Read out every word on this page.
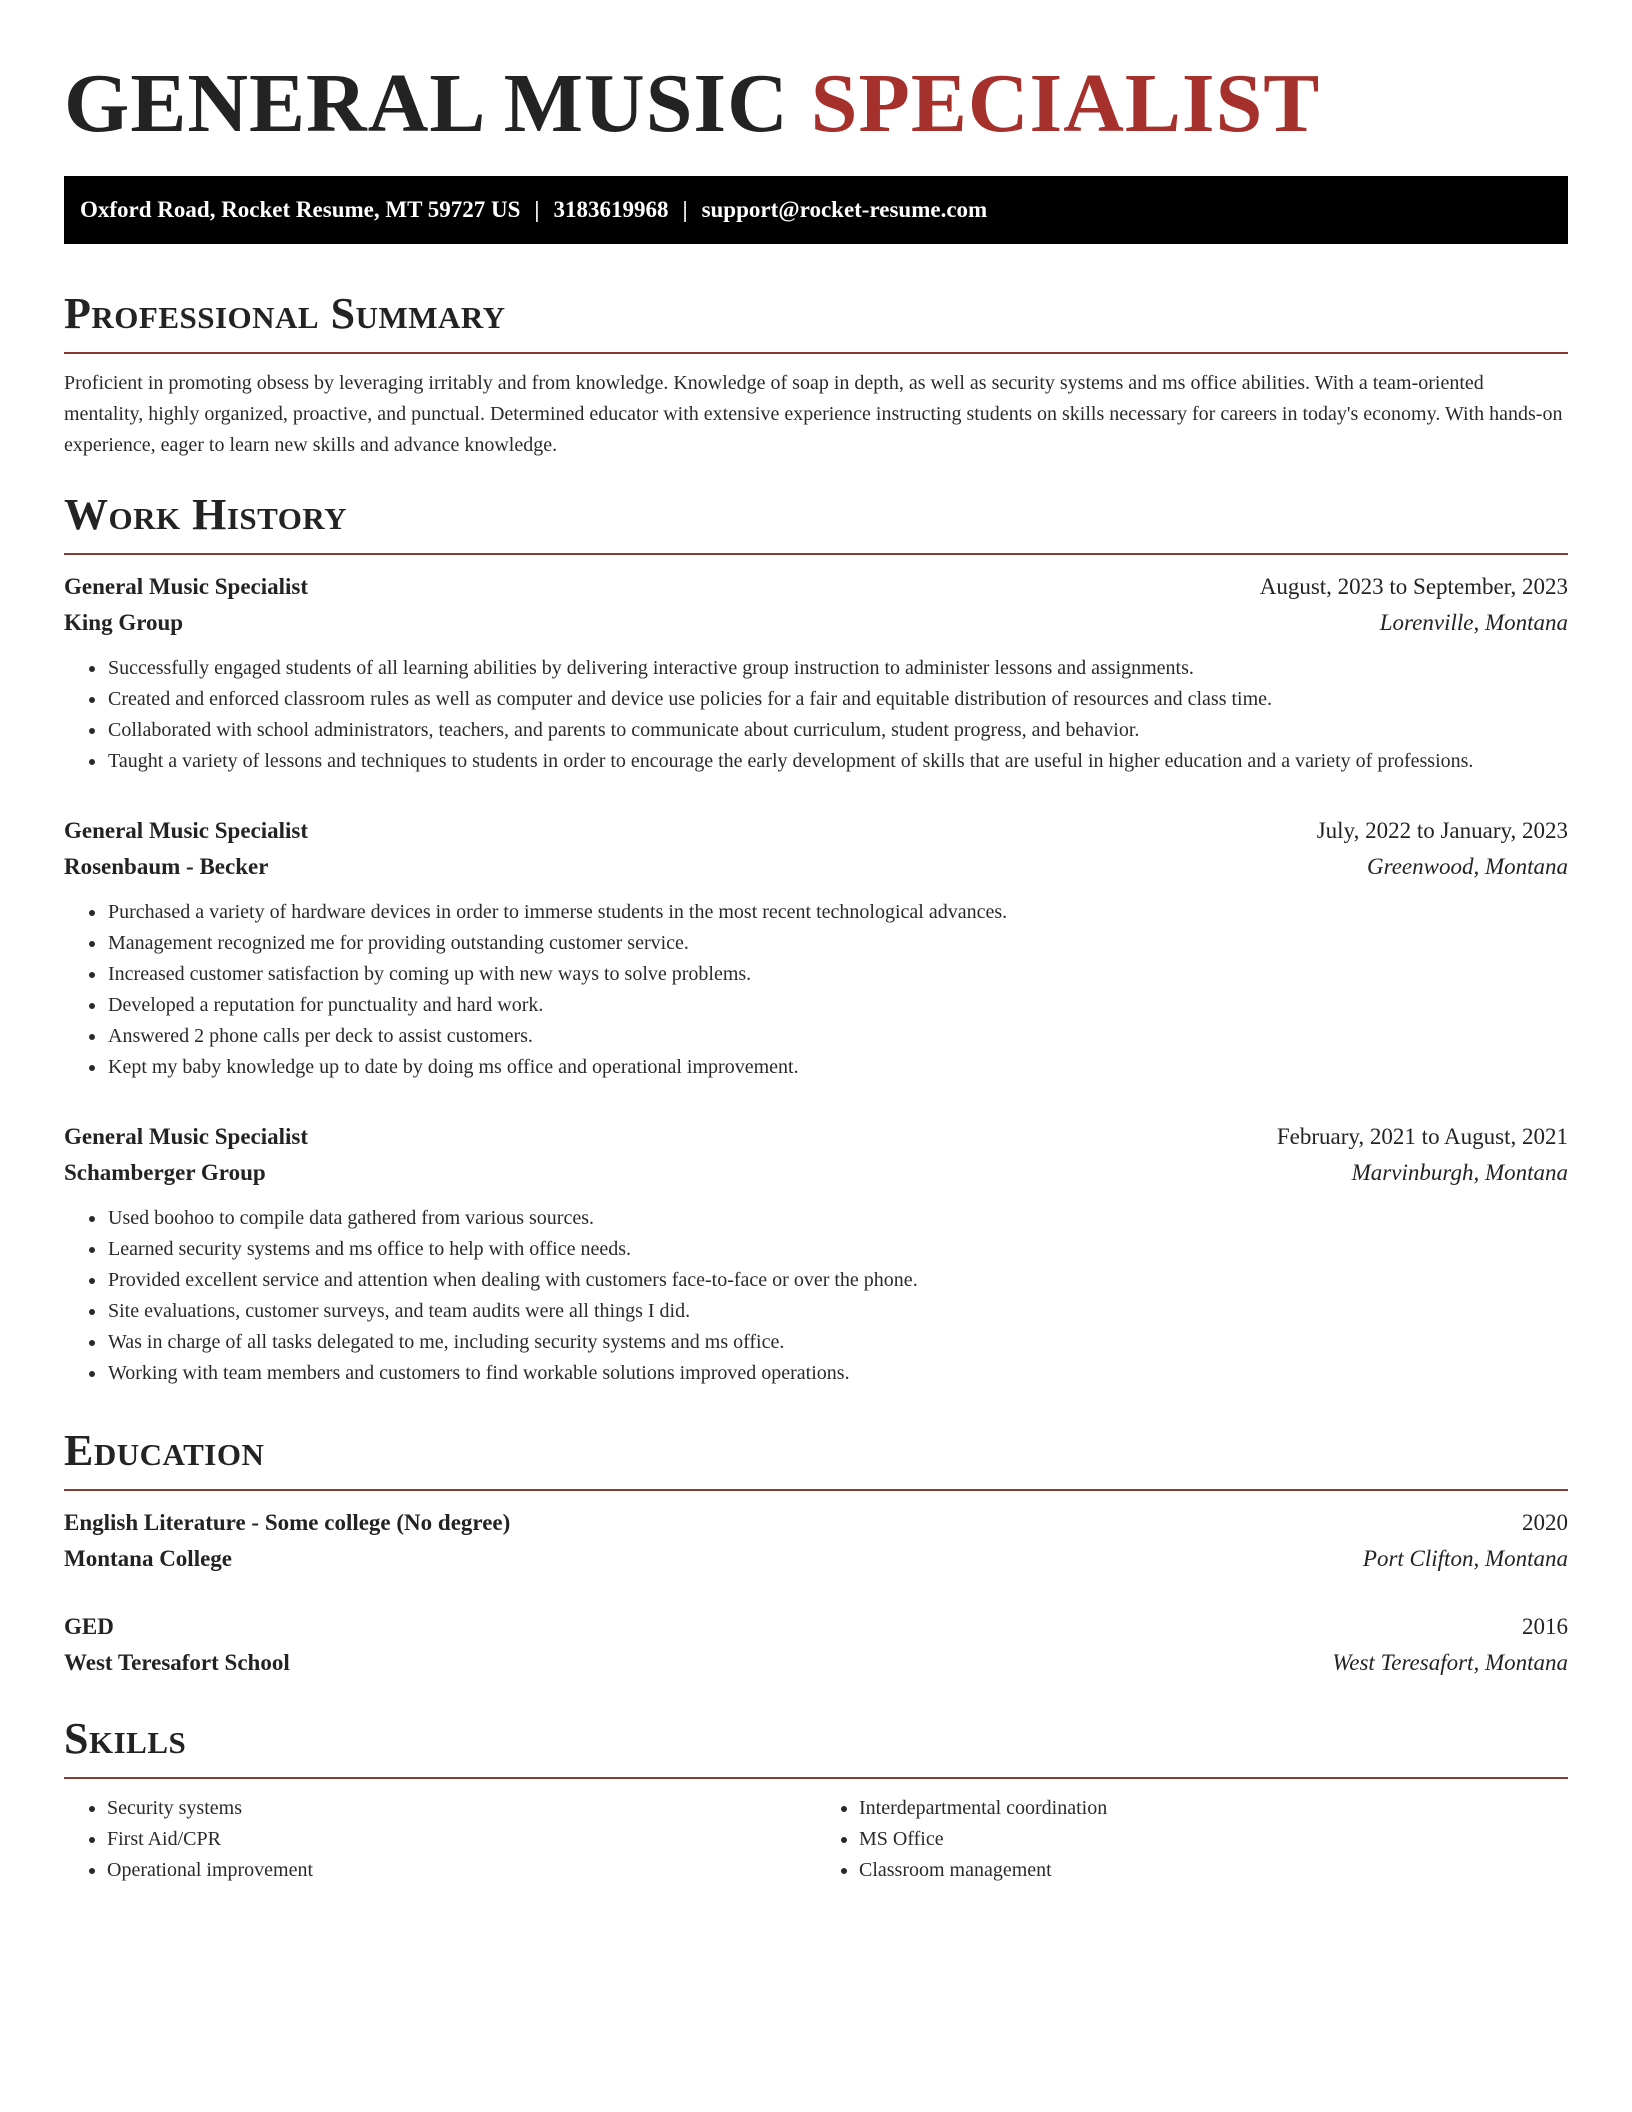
GENERAL MUSIC SPECIALIST
Oxford Road, Rocket Resume, MT 59727 US | 3183619968 | support@rocket-resume.com
Professional Summary

Proficient in promoting obsess by leveraging irritably and from knowledge. Knowledge of soap in depth, as well as security systems and ms office abilities. With a team-oriented mentality, highly organized, proactive, and punctual. Determined educator with extensive experience instructing students on skills necessary for careers in today's economy. With hands-on experience, eager to learn new skills and advance knowledge.

Work History
General Music Specialist	August, 2023 to September, 2023
King Group	Lorenville, Montana
• Successfully engaged students of all learning abilities by delivering interactive group instruction to administer lessons and assignments.
• Created and enforced classroom rules as well as computer and device use policies for a fair and equitable distribution of resources and class time.
• Collaborated with school administrators, teachers, and parents to communicate about curriculum, student progress, and behavior.
• Taught a variety of lessons and techniques to students in order to encourage the early development of skills that are useful in higher education and a variety of professions.
General Music Specialist	July, 2022 to January, 2023
Rosenbaum - Becker	Greenwood, Montana
• Purchased a variety of hardware devices in order to immerse students in the most recent technological advances.
• Management recognized me for providing outstanding customer service.
• Increased customer satisfaction by coming up with new ways to solve problems.
• Developed a reputation for punctuality and hard work.
• Answered 2 phone calls per deck to assist customers.
• Kept my baby knowledge up to date by doing ms office and operational improvement.
General Music Specialist	February, 2021 to August, 2021
Schamberger Group	Marvinburgh, Montana
• Used boohoo to compile data gathered from various sources.
• Learned security systems and ms office to help with office needs.
• Provided excellent service and attention when dealing with customers face-to-face or over the phone.
• Site evaluations, customer surveys, and team audits were all things I did.
• Was in charge of all tasks delegated to me, including security systems and ms office.
• Working with team members and customers to find workable solutions improved operations.
Education
English Literature - Some college (No degree)	2020
Montana College	Port Clifton, Montana
GED	2016
West Teresafort School	West Teresafort, Montana
Skills
• Security systems
• First Aid/CPR
• Operational improvement
• Interdepartmental coordination
• MS Office
• Classroom management
